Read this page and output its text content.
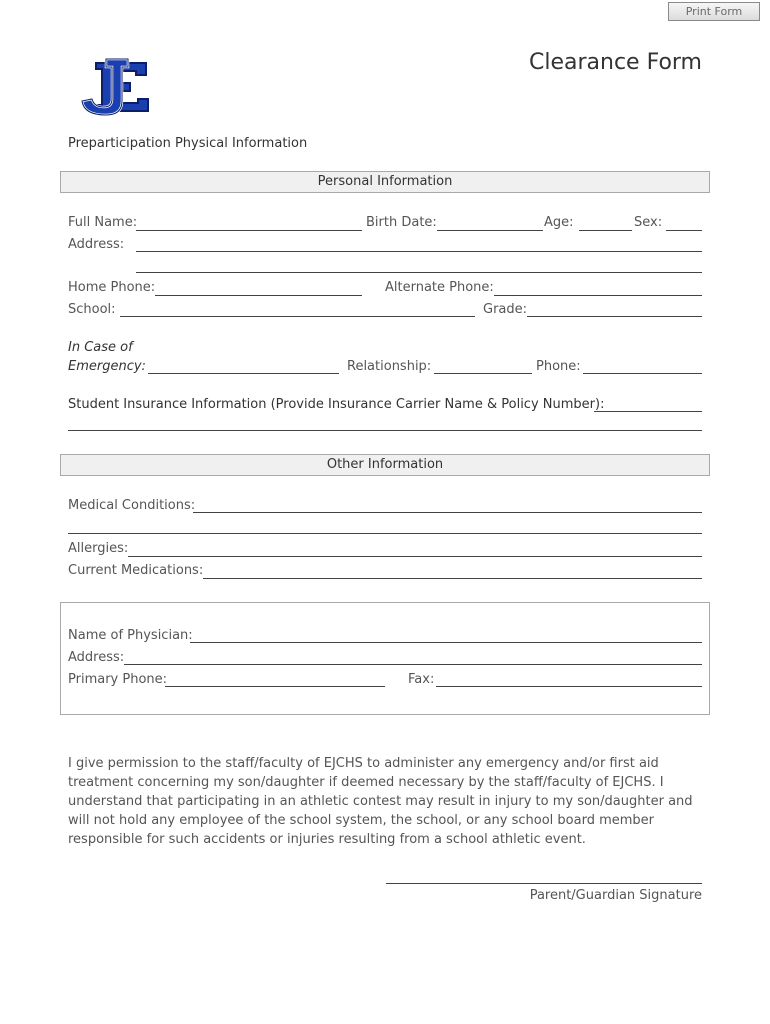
Print Form
Clearance Form
Preparticipation Physical Information
Personal Information
Full Name:	Birth Date:	Age:	Sex:
Address:
Home Phone:	Alternate Phone:
School:	Grade:
In Case of
Emergency:	Relationship:	Phone:
Student Insurance Information (Provide Insurance Carrier Name & Policy Number):
Other Information
Medical Conditions:
Allergies:
Current Medications:
Name of Physician:
Address:
Primary Phone:	Fax:
I give permission to the staff/faculty of EJCHS to administer any emergency and/or first aid treatment concerning my son/daughter if deemed necessary by the staff/faculty of EJCHS. I understand that participating in an athletic contest may result in injury to my son/daughter and will not hold any employee of the school system, the school, or any school board member responsible for such accidents or injuries resulting from a school athletic event.
Parent/Guardian Signature
